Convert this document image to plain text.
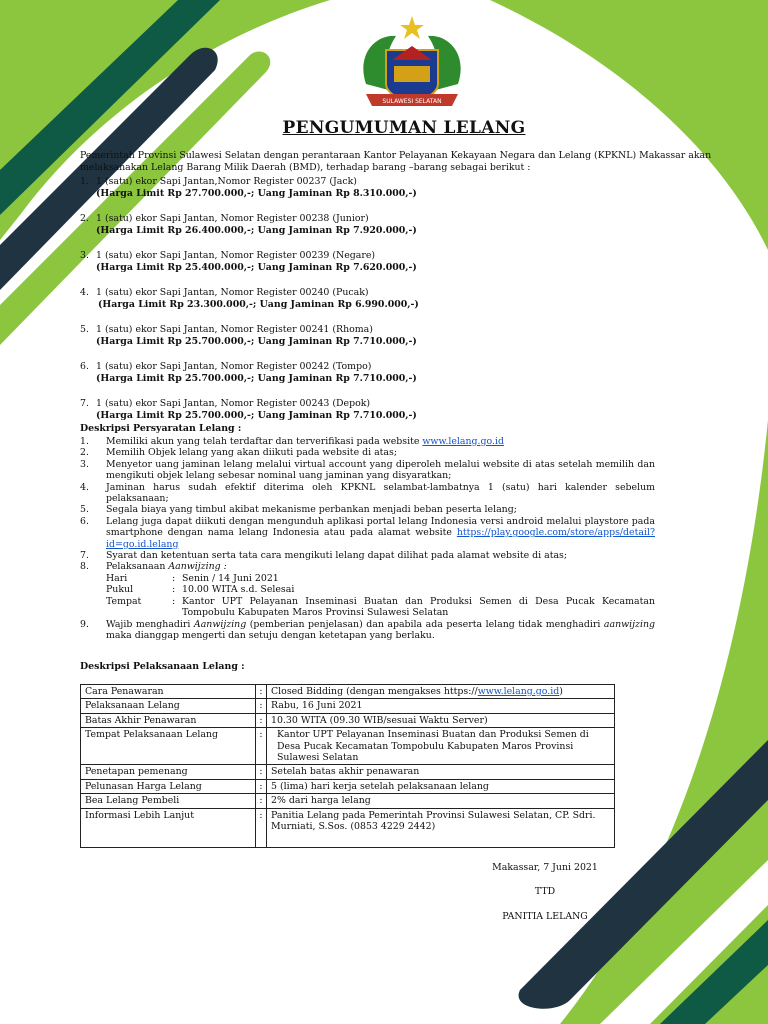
SULAWESI SELATAN
PENGUMUMAN LELANG
Pemerintah Provinsi Sulawesi Selatan dengan perantaraan Kantor Pelayanan Kekayaan Negara dan Lelang (KPKNL) Makassar akan melaksanakan Lelang Barang Milik Daerah (BMD), terhadap barang –barang sebagai berikut :
1. 1 (satu) ekor Sapi Jantan,Nomor Register 00237 (Jack)
(Harga Limit Rp 27.700.000,-; Uang Jaminan Rp 8.310.000,-)
2. 1 (satu) ekor Sapi Jantan, Nomor Register 00238 (Junior)
(Harga Limit Rp 26.400.000,-; Uang Jaminan Rp 7.920.000,-)
3. 1 (satu) ekor Sapi Jantan, Nomor Register 00239 (Negare)
(Harga Limit Rp 25.400.000,-; Uang Jaminan Rp 7.620.000,-)
4. 1 (satu) ekor Sapi Jantan, Nomor Register 00240 (Pucak)
(Harga Limit Rp 23.300.000,-; Uang Jaminan Rp 6.990.000,-)
5. 1 (satu) ekor Sapi Jantan, Nomor Register 00241 (Rhoma)
(Harga Limit Rp 25.700.000,-; Uang Jaminan Rp 7.710.000,-)
6. 1 (satu) ekor Sapi Jantan, Nomor Register 00242 (Tompo)
(Harga Limit Rp 25.700.000,-; Uang Jaminan Rp 7.710.000,-)
7. 1 (satu) ekor Sapi Jantan, Nomor Register 00243 (Depok)
(Harga Limit Rp 25.700.000,-; Uang Jaminan Rp 7.710.000,-)
Deskripsi Persyaratan Lelang :
1.	Memiliki akun yang telah terdaftar dan terverifikasi pada website www.lelang.go.id
2.	Memilih Objek lelang yang akan diikuti pada website di atas;
3.	Menyetor uang jaminan lelang melalui virtual account yang diperoleh melalui website di atas setelah memilih dan mengikuti objek lelang sebesar nominal uang jaminan yang disyaratkan;
4.	Jaminan harus sudah efektif diterima oleh KPKNL selambat-lambatnya 1 (satu) hari kalender sebelum pelaksanaan;
5.	Segala biaya yang timbul akibat mekanisme perbankan menjadi beban peserta lelang;
6.	Lelang juga dapat diikuti dengan mengunduh aplikasi portal lelang Indonesia versi android melalui playstore pada smartphone dengan nama lelang Indonesia atau pada alamat website https://play.google.com/store/apps/detail?id=go.id.lelang
7.	Syarat dan ketentuan serta tata cara mengikuti lelang dapat dilihat pada alamat website di atas;
8.	Pelaksanaan Aanwijzing :
Hari	: Senin / 14 Juni 2021
Pukul	: 10.00 WITA s.d. Selesai
Tempat	: Kantor UPT Pelayanan Inseminasi Buatan dan Produksi Semen di Desa Pucak Kecamatan Tompobulu Kabupaten Maros Provinsi Sulawesi Selatan
9.	Wajib menghadiri Aanwijzing (pemberian penjelasan) dan apabila ada peserta lelang tidak menghadiri aanwijzing maka dianggap mengerti dan setuju dengan ketetapan yang berlaku.
Deskripsi Pelaksanaan Lelang :
Cara Penawaran	:	Closed Bidding (dengan mengakses https://www.lelang.go.id)
Pelaksanaan Lelang	:	Rabu, 16 Juni 2021
Batas Akhir Penawaran	:	10.30 WITA (09.30 WIB/sesuai Waktu Server)
Tempat Pelaksanaan Lelang	:	Kantor UPT Pelayanan Inseminasi Buatan dan Produksi Semen di Desa Pucak Kecamatan Tompobulu Kabupaten Maros Provinsi Sulawesi Selatan
Penetapan pemenang	:	Setelah batas akhir penawaran
Pelunasan Harga Lelang	:	5 (lima) hari kerja setelah pelaksanaan lelang
Bea Lelang Pembeli	:	2% dari harga lelang
Informasi Lebih Lanjut	:	Panitia Lelang pada Pemerintah Provinsi Sulawesi Selatan, CP. Sdri. Murniati, S.Sos. (0853 4229 2442)
Makassar, 7 Juni 2021
TTD
PANITIA LELANG
